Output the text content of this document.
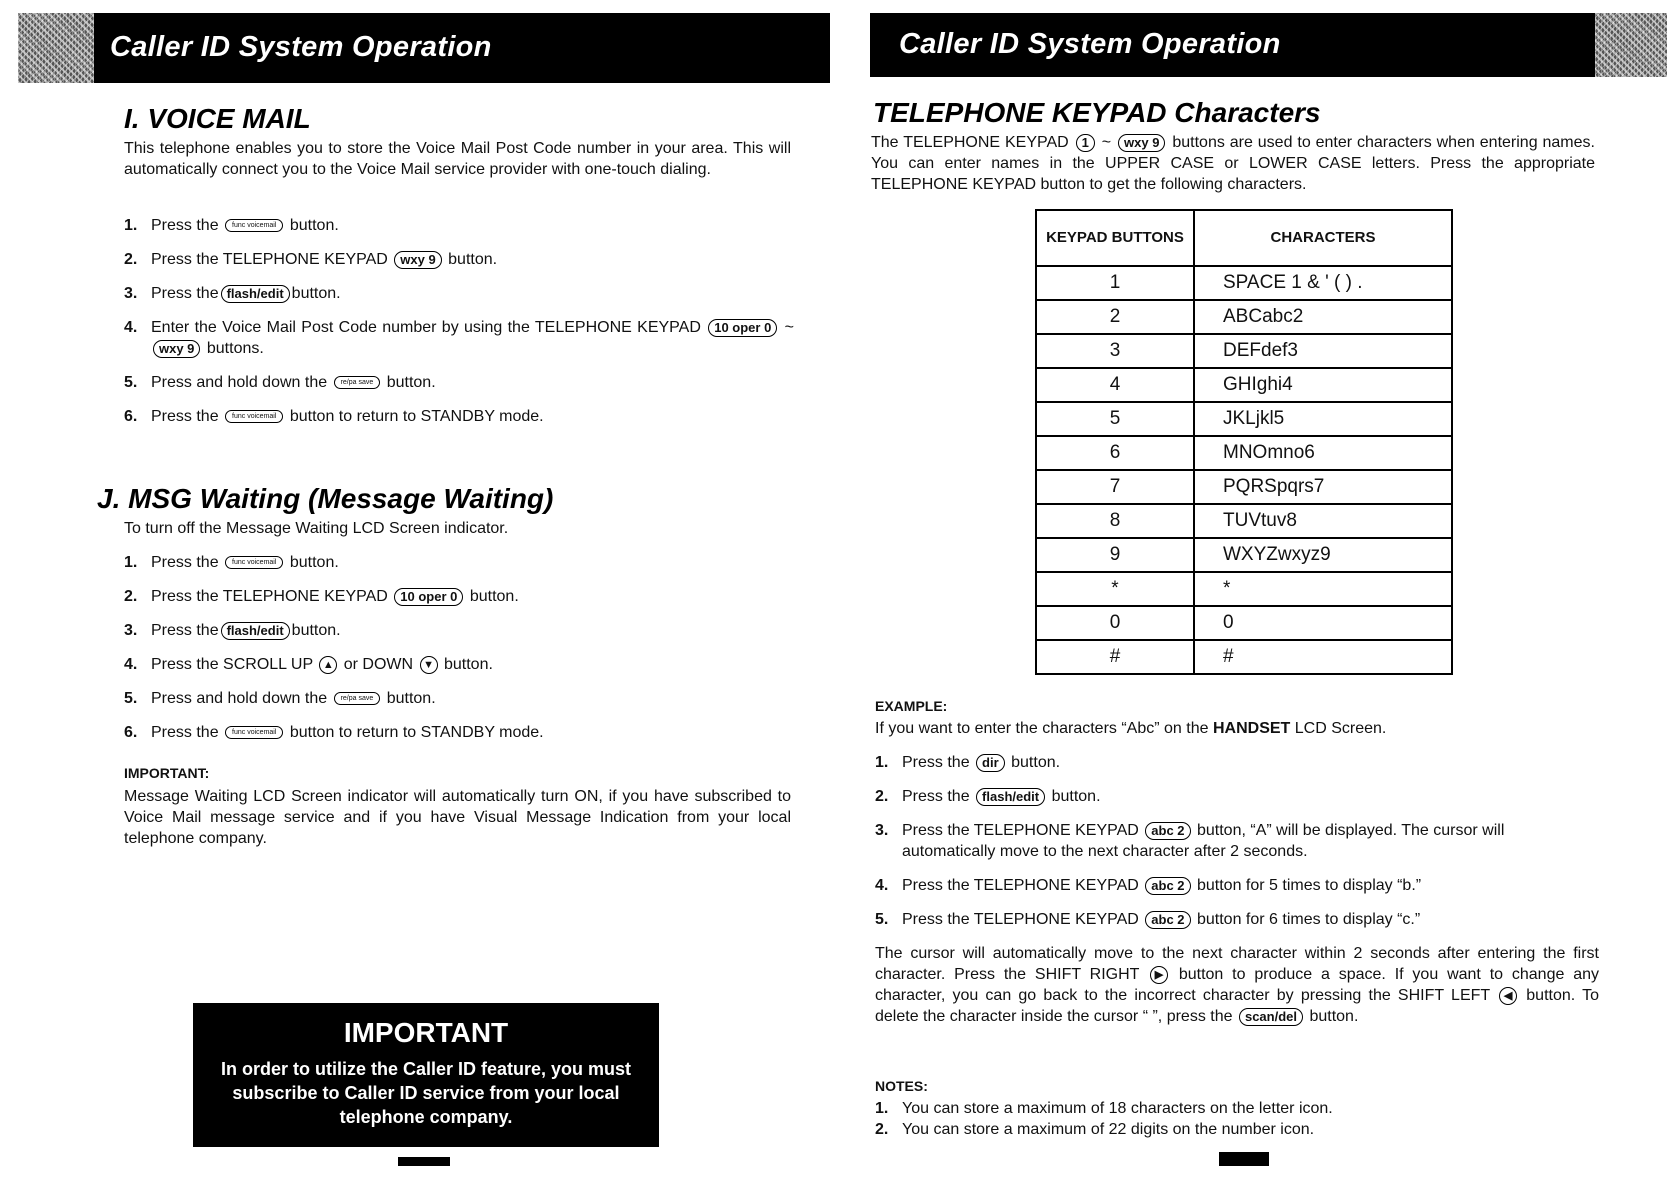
Caller ID System Operation
I. VOICE MAIL

This telephone enables you to store the Voice Mail Post Code number in your area. This will automatically connect you to the Voice Mail service provider with one-touch dialing.

1. Press the func voicemail button.
2. Press the TELEPHONE KEYPAD wxy 9 button.
3. Press the flash/edit button.
4. Enter the Voice Mail Post Code number by using the TELEPHONE KEYPAD 10 oper 0 ~ wxy 9 buttons.
5. Press and hold down the re/pa save button.
6. Press the func voicemail button to return to STANDBY mode.
J. MSG Waiting (Message Waiting)

To turn off the Message Waiting LCD Screen indicator.

1. Press the func voicemail button.
2. Press the TELEPHONE KEYPAD 10 oper 0 button.
3. Press the flash/edit button.
4. Press the SCROLL UP ▲ or DOWN ▼ button.
5. Press and hold down the re/pa save button.
6. Press the func voicemail button to return to STANDBY mode.
IMPORTANT:

Message Waiting LCD Screen indicator will automatically turn ON, if you have subscribed to Voice Mail message service and if you have Visual Message Indication from your local telephone company.

IMPORTANT
In order to utilize the Caller ID feature, you must subscribe to Caller ID service from your local telephone company.
Caller ID System Operation
TELEPHONE KEYPAD Characters

The TELEPHONE KEYPAD 1 ~ wxy 9 buttons are used to enter characters when entering names. You can enter names in the UPPER CASE or LOWER CASE letters. Press the appropriate TELEPHONE KEYPAD button to get the following characters.

KEYPAD BUTTONS	CHARACTERS
1	SPACE 1 & ' ( ) .
2	ABCabc2
3	DEFdef3
4	GHIghi4
5	JKLjkl5
6	MNOmno6
7	PQRSpqrs7
8	TUVtuv8
9	WXYZwxyz9
*	*
0	0
#	#
EXAMPLE:

If you want to enter the characters “Abc” on the HANDSET LCD Screen.

1. Press the dir button.
2. Press the flash/edit button.
3. Press the TELEPHONE KEYPAD abc 2 button, “A” will be displayed. The cursor will automatically move to the next character after 2 seconds.
4. Press the TELEPHONE KEYPAD abc 2 button for 5 times to display “b.”
5. Press the TELEPHONE KEYPAD abc 2 button for 6 times to display “c.”

The cursor will automatically move to the next character within 2 seconds after entering the first character. Press the SHIFT RIGHT ▶ button to produce a space. If you want to change any character, you can go back to the incorrect character by pressing the SHIFT LEFT ◀ button. To delete the character inside the cursor “ ”, press the scan/del button.

NOTES:
1. You can store a maximum of 18 characters on the letter icon.
2. You can store a maximum of 22 digits on the number icon.
